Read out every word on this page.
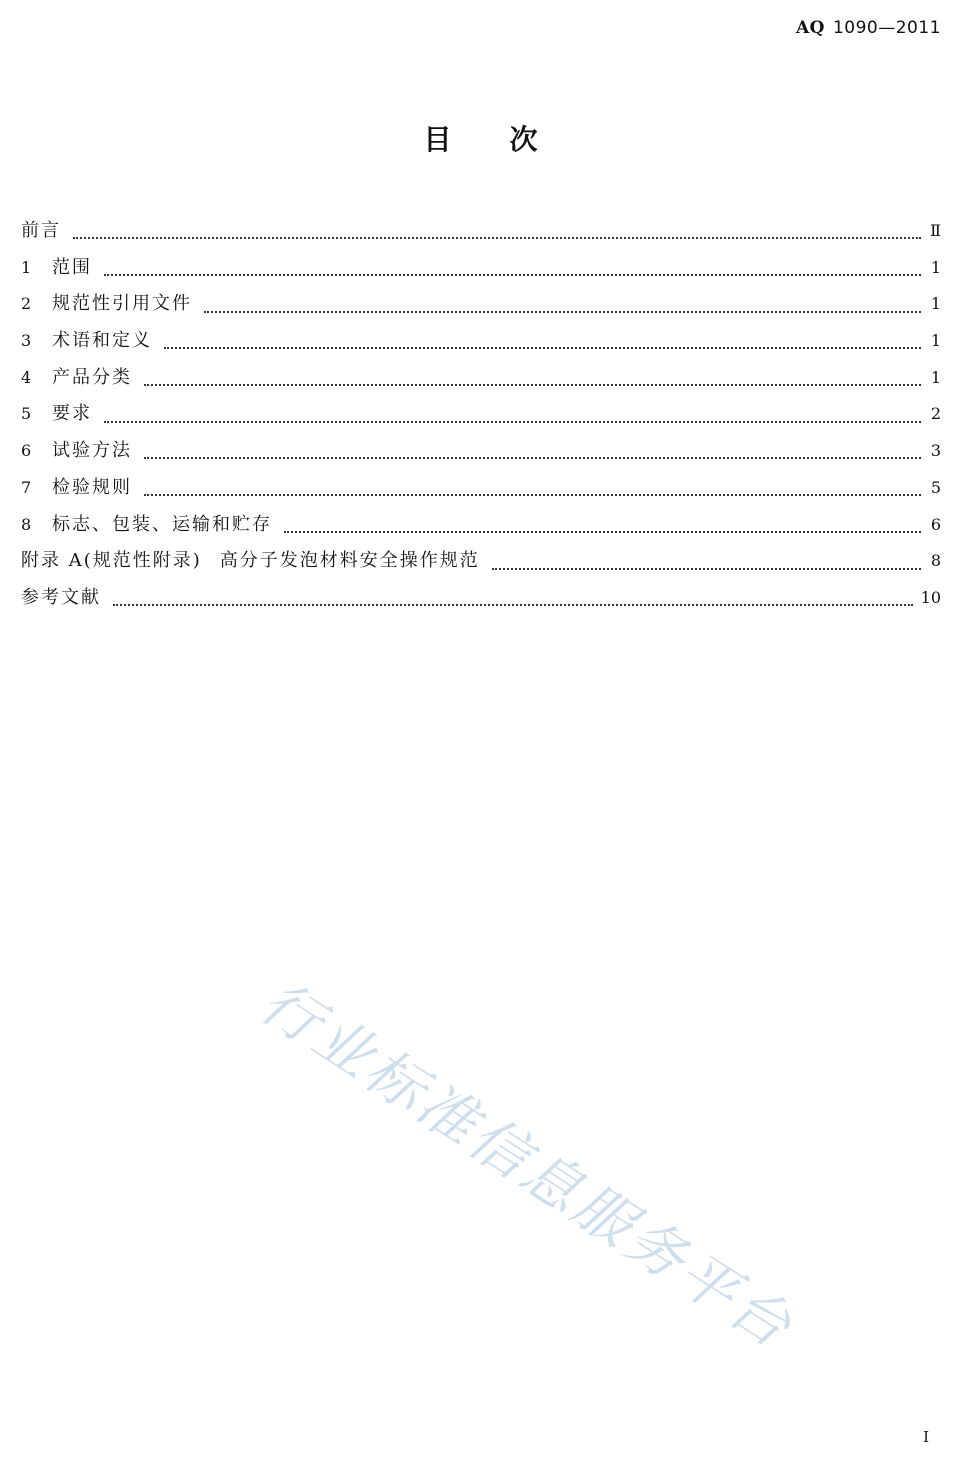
AQ 1090—2011
目 次
前言	Ⅱ
1	范围	1
2	规范性引用文件	1
3	术语和定义	1
4	产品分类	1
5	要求	2
6	试验方法	3
7	检验规则	5
8	标志、包装、运输和贮存	6
附录 A(规范性附录) 高分子发泡材料安全操作规范	8
参考文献	10
行业标准信息服务平台
I
